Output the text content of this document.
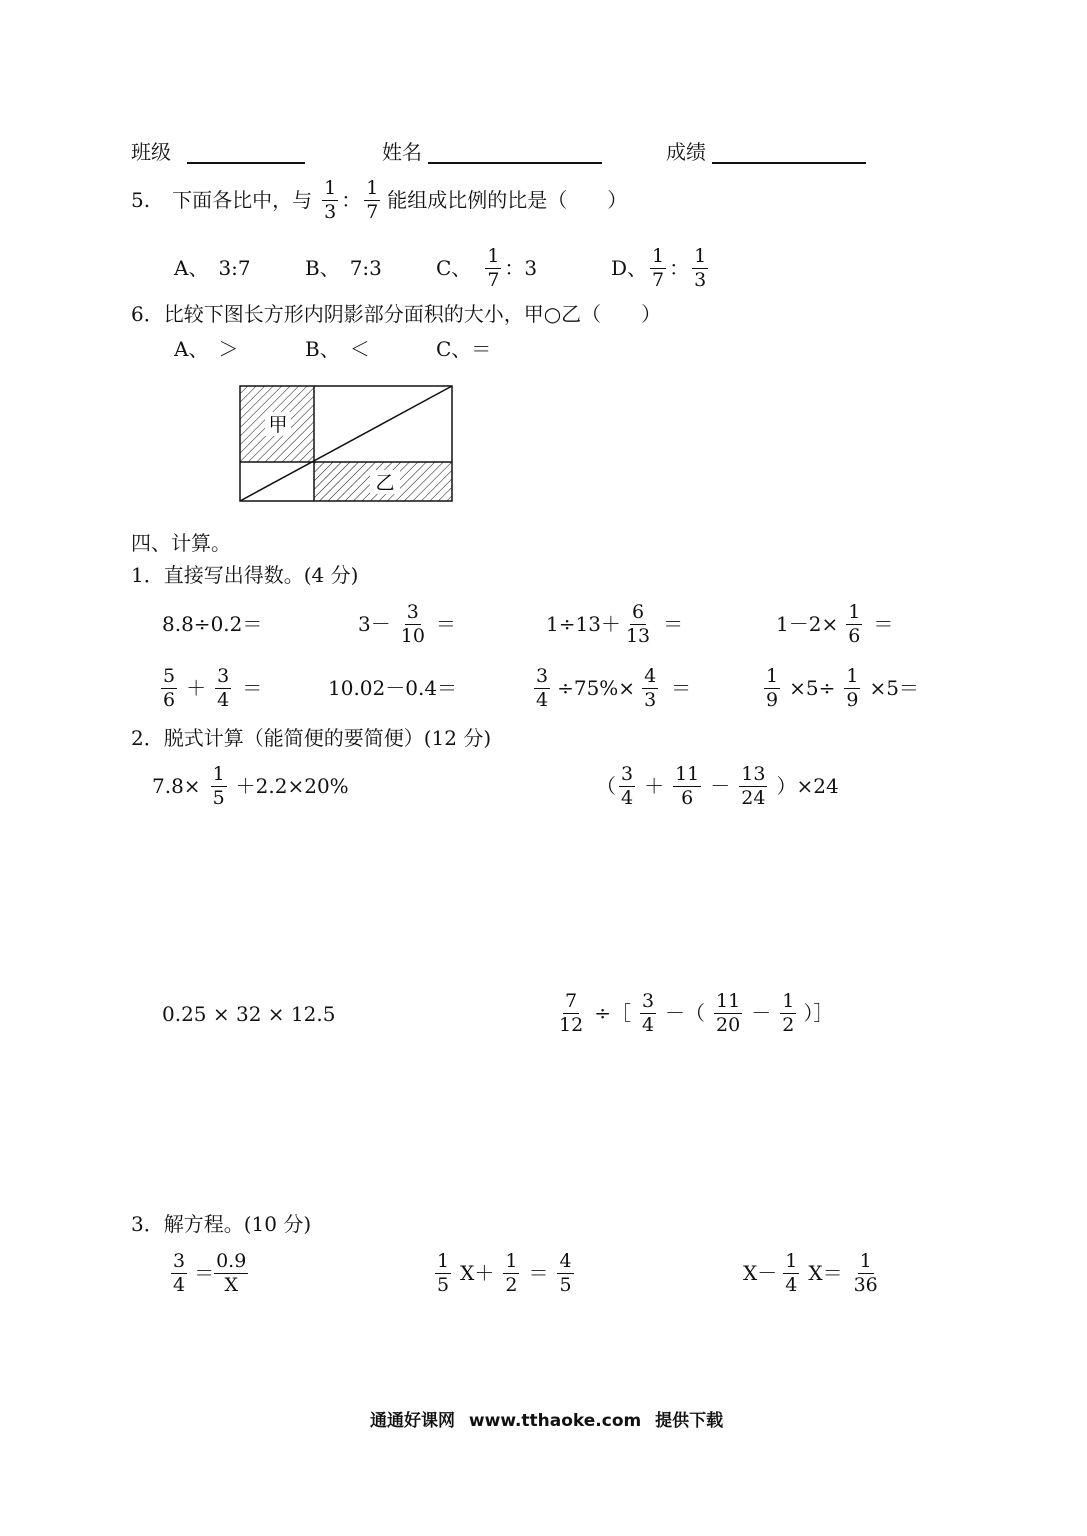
班级	姓名	成绩
5. 下面各比中，与 $\frac{1}{3}$ ： $\frac{1}{7}$ 能组成比例的比是（　　）
A、　3:7	B、　7:3	C、 $\frac{1}{7}$ ：3	D、 $\frac{1}{7}$ ： $\frac{1}{3}$
6．比较下图长方形内阴影部分面积的大小，甲○乙（　　）
A、　＞	B、　＜	C、＝
甲
乙
四、计算。
1．直接写出得数。(4 分)
8.8÷0.2＝	$3- \frac{3}{10}$ ＝	$1\div 13+ \frac{6}{13}$ ＝	$1-2\times \frac{1}{6}$ ＝
$\frac{5}{6} + \frac{3}{4}$ ＝	10.02－0.4＝	$\frac{3}{4} \div 75\%\times \frac{4}{3}$ ＝	$\frac{1}{9} \times 5\div \frac{1}{9} \times 5=$
2．脱式计算（能简便的要简便）(12 分)
$7.8\times \frac{1}{5} +2.2\times 20\%$	（ $\frac{3}{4} + \frac{11}{6} - \frac{13}{24} )\times 24$
0.25 × 32 × 12.5	$\frac{7}{12}$ ÷［ $\frac{3}{4}$ －（ $\frac{11}{20} - \frac{1}{2}$ ）］
3．解方程。(10 分)
$\frac{3}{4} = \frac{0.9}{X}$	$\frac{1}{5} X+ \frac{1}{2} = \frac{4}{5}$	$X- \frac{1}{4} X= \frac{1}{36}$
通通好课网 www.tthaoke.com 提供下载
